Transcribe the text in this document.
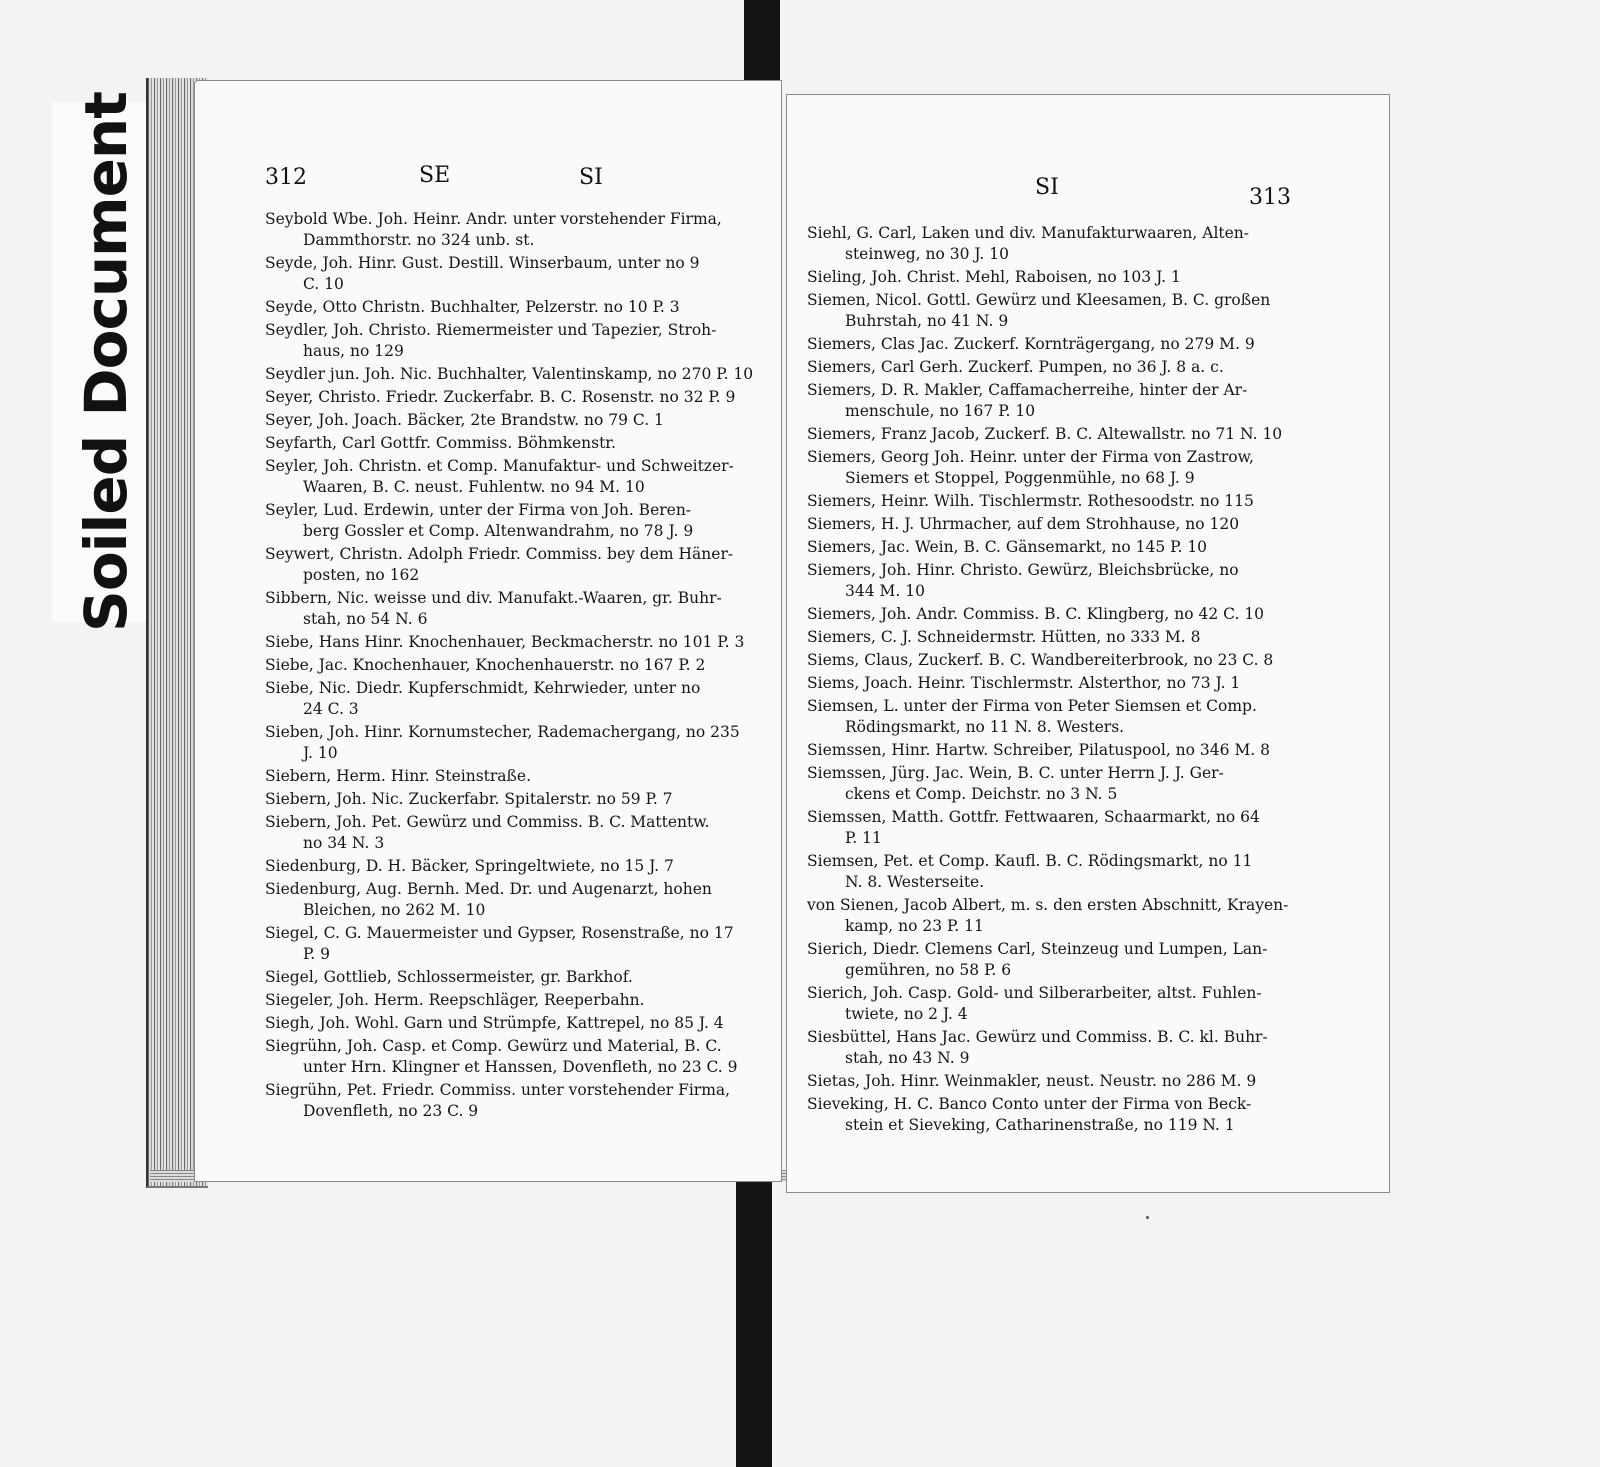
Soiled Document	312	SE	SI
Seybold Wbe. Joh. Heinr. Andr. unter vorstehender Firma,
Dammthorstr. no 324 unb. st.
Seyde, Joh. Hinr. Gust. Destill. Winserbaum, unter no 9
C. 10
Seyde, Otto Christn. Buchhalter, Pelzerstr. no 10 P. 3
Seydler, Joh. Christo. Riemermeister und Tapezier, Stroh-
haus, no 129
Seydler jun. Joh. Nic. Buchhalter, Valentinskamp, no 270 P. 10
Seyer, Christo. Friedr. Zuckerfabr. B. C. Rosenstr. no 32 P. 9
Seyer, Joh. Joach. Bäcker, 2te Brandstw. no 79 C. 1
Seyfarth, Carl Gottfr. Commiss. Böhmkenstr.
Seyler, Joh. Christn. et Comp. Manufaktur- und Schweitzer-
Waaren, B. C. neust. Fuhlentw. no 94 M. 10
Seyler, Lud. Erdewin, unter der Firma von Joh. Beren-
berg Gossler et Comp. Altenwandrahm, no 78 J. 9
Seywert, Christn. Adolph Friedr. Commiss. bey dem Häner-
posten, no 162
Sibbern, Nic. weisse und div. Manufakt.-Waaren, gr. Buhr-
stah, no 54 N. 6
Siebe, Hans Hinr. Knochenhauer, Beckmacherstr. no 101 P. 3
Siebe, Jac. Knochenhauer, Knochenhauerstr. no 167 P. 2
Siebe, Nic. Diedr. Kupferschmidt, Kehrwieder, unter no
24 C. 3
Sieben, Joh. Hinr. Kornumstecher, Rademachergang, no 235
J. 10
Siebern, Herm. Hinr. Steinstraße.
Siebern, Joh. Nic. Zuckerfabr. Spitalerstr. no 59 P. 7
Siebern, Joh. Pet. Gewürz und Commiss. B. C. Mattentw.
no 34 N. 3
Siedenburg, D. H. Bäcker, Springeltwiete, no 15 J. 7
Siedenburg, Aug. Bernh. Med. Dr. und Augenarzt, hohen
Bleichen, no 262 M. 10
Siegel, C. G. Mauermeister und Gypser, Rosenstraße, no 17
P. 9
Siegel, Gottlieb, Schlossermeister, gr. Barkhof.
Siegeler, Joh. Herm. Reepschläger, Reeperbahn.
Siegh, Joh. Wohl. Garn und Strümpfe, Kattrepel, no 85 J. 4
Siegrühn, Joh. Casp. et Comp. Gewürz und Material, B. C.
unter Hrn. Klingner et Hanssen, Dovenfleth, no 23 C. 9
Siegrühn, Pet. Friedr. Commiss. unter vorstehender Firma,
Dovenfleth, no 23 C. 9
SI	313
Siehl, G. Carl, Laken und div. Manufakturwaaren, Alten-
steinweg, no 30 J. 10
Sieling, Joh. Christ. Mehl, Raboisen, no 103 J. 1
Siemen, Nicol. Gottl. Gewürz und Kleesamen, B. C. großen
Buhrstah, no 41 N. 9
Siemers, Clas Jac. Zuckerf. Kornträgergang, no 279 M. 9
Siemers, Carl Gerh. Zuckerf. Pumpen, no 36 J. 8 a. c.
Siemers, D. R. Makler, Caffamacherreihe, hinter der Ar-
menschule, no 167 P. 10
Siemers, Franz Jacob, Zuckerf. B. C. Altewallstr. no 71 N. 10
Siemers, Georg Joh. Heinr. unter der Firma von Zastrow,
Siemers et Stoppel, Poggenmühle, no 68 J. 9
Siemers, Heinr. Wilh. Tischlermstr. Rothesoodstr. no 115
Siemers, H. J. Uhrmacher, auf dem Strohhause, no 120
Siemers, Jac. Wein, B. C. Gänsemarkt, no 145 P. 10
Siemers, Joh. Hinr. Christo. Gewürz, Bleichsbrücke, no
344 M. 10
Siemers, Joh. Andr. Commiss. B. C. Klingberg, no 42 C. 10
Siemers, C. J. Schneidermstr. Hütten, no 333 M. 8
Siems, Claus, Zuckerf. B. C. Wandbereiterbrook, no 23 C. 8
Siems, Joach. Heinr. Tischlermstr. Alsterthor, no 73 J. 1
Siemsen, L. unter der Firma von Peter Siemsen et Comp.
Rödingsmarkt, no 11 N. 8. Westers.
Siemssen, Hinr. Hartw. Schreiber, Pilatuspool, no 346 M. 8
Siemssen, Jürg. Jac. Wein, B. C. unter Herrn J. J. Ger-
ckens et Comp. Deichstr. no 3 N. 5
Siemssen, Matth. Gottfr. Fettwaaren, Schaarmarkt, no 64
P. 11
Siemsen, Pet. et Comp. Kaufl. B. C. Rödingsmarkt, no 11
N. 8. Westerseite.
von Sienen, Jacob Albert, m. s. den ersten Abschnitt, Krayen-
kamp, no 23 P. 11
Sierich, Diedr. Clemens Carl, Steinzeug und Lumpen, Lan-
gemühren, no 58 P. 6
Sierich, Joh. Casp. Gold- und Silberarbeiter, altst. Fuhlen-
twiete, no 2 J. 4
Siesbüttel, Hans Jac. Gewürz und Commiss. B. C. kl. Buhr-
stah, no 43 N. 9
Sietas, Joh. Hinr. Weinmakler, neust. Neustr. no 286 M. 9
Sieveking, H. C. Banco Conto unter der Firma von Beck-
stein et Sieveking, Catharinenstraße, no 119 N. 1
